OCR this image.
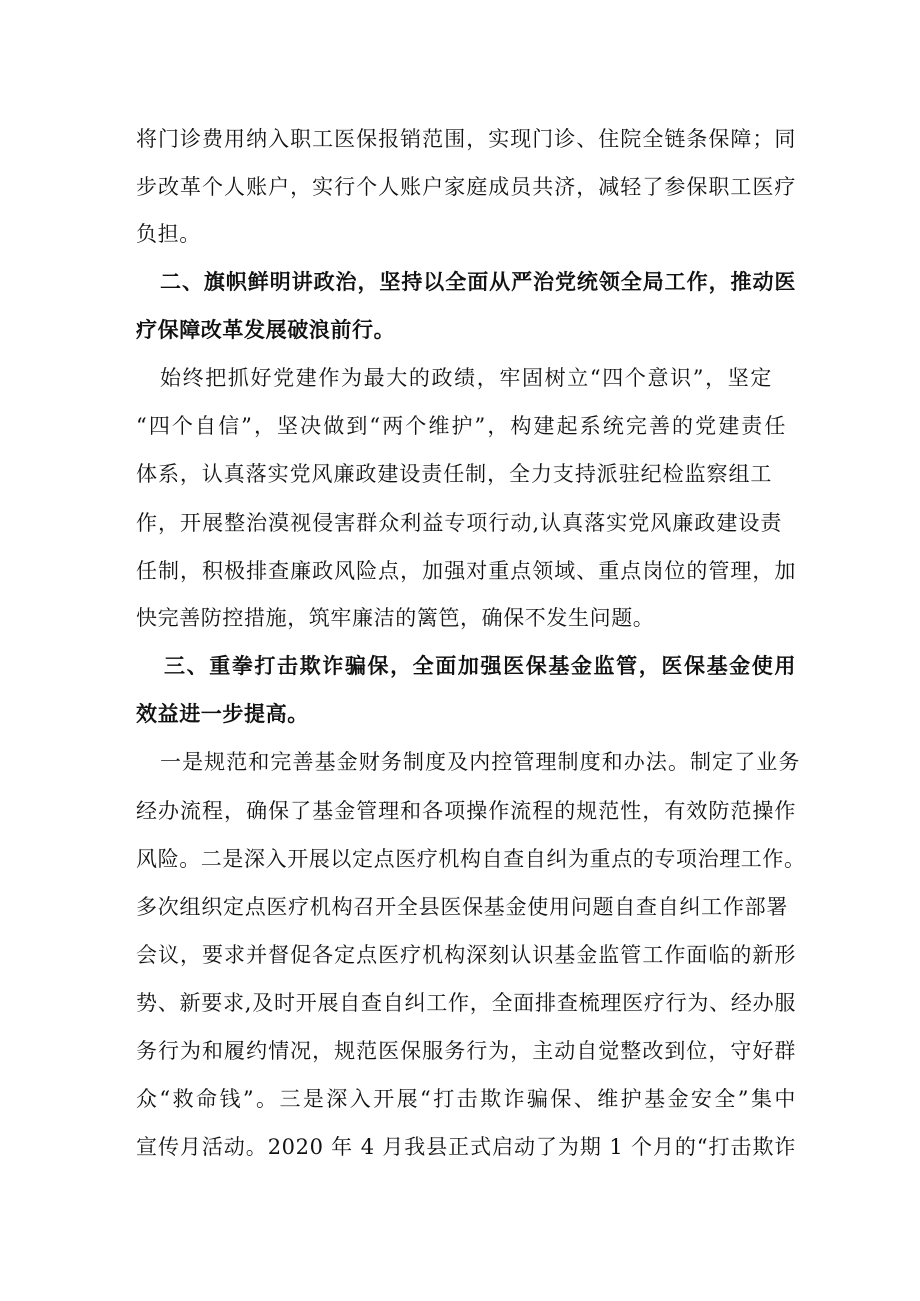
将门诊费用纳入职工医保报销范围，实现门诊、住院全链条保障；同
步改革个人账户，实行个人账户家庭成员共济，减轻了参保职工医疗
负担。
二、旗帜鲜明讲政治，坚持以全面从严治党统领全局工作，推动医
疗保障改革发展破浪前行。
始终把抓好党建作为最大的政绩，牢固树立“四个意识”，坚定
“四个自信”，坚决做到“两个维护”，构建起系统完善的党建责任
体系，认真落实党风廉政建设责任制，全力支持派驻纪检监察组工
作，开展整治漠视侵害群众利益专项行动,认真落实党风廉政建设责
任制，积极排查廉政风险点，加强对重点领域、重点岗位的管理，加
快完善防控措施，筑牢廉洁的篱笆，确保不发生问题。
三、重拳打击欺诈骗保，全面加强医保基金监管，医保基金使用
效益进一步提高。
一是规范和完善基金财务制度及内控管理制度和办法。制定了业务
经办流程，确保了基金管理和各项操作流程的规范性，有效防范操作
风险。二是深入开展以定点医疗机构自查自纠为重点的专项治理工作。
多次组织定点医疗机构召开全县医保基金使用问题自查自纠工作部署
会议，要求并督促各定点医疗机构深刻认识基金监管工作面临的新形
势、新要求,及时开展自查自纠工作，全面排查梳理医疗行为、经办服
务行为和履约情况，规范医保服务行为，主动自觉整改到位，守好群
众“救命钱”。三是深入开展“打击欺诈骗保、维护基金安全”集中
宣传月活动。2020 年 4 月我县正式启动了为期 1 个月的“打击欺诈
